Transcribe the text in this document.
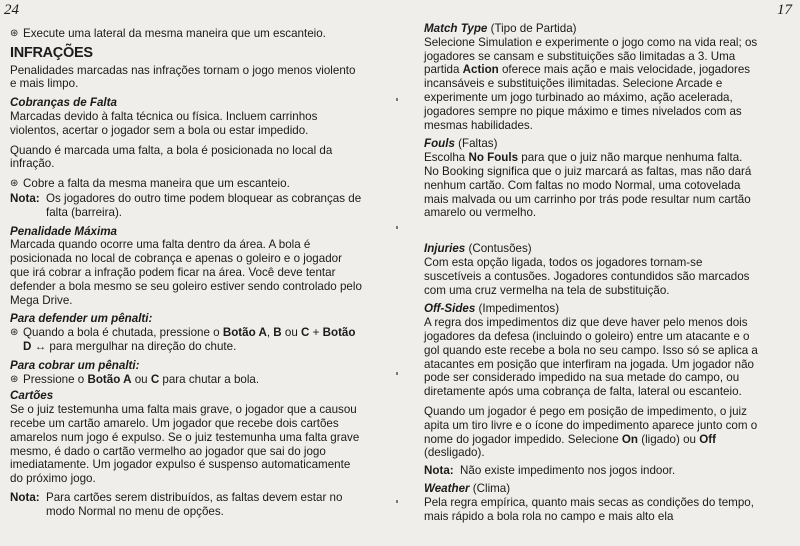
24	17
⊛ Execute uma lateral da mesma maneira que um escanteio.
INFRAÇÕES

Penalidades marcadas nas infrações tornam o jogo menos violento e mais limpo.

Cobranças de Falta

Marcadas devido à falta técnica ou física. Incluem carrinhos violentos, acertar o jogador sem a bola ou estar impedido.

Quando é marcada uma falta, a bola é posicionada no local da infração.

⊛ Cobre a falta da mesma maneira que um escanteio.
Nota: Os jogadores do outro time podem bloquear as cobranças de falta (barreira).
Penalidade Máxima

Marcada quando ocorre uma falta dentro da área. A bola é posicionada no local de cobrança e apenas o goleiro e o jogador que irá cobrar a infração podem ficar na área. Você deve tentar defender a bola mesmo se seu goleiro estiver sendo controlado pelo Mega Drive.

Para defender um pênalti:
⊛ Quando a bola é chutada, pressione o Botão A, B ou C + Botão D ↔ para mergulhar na direção do chute.
Para cobrar um pênalti:
⊛ Pressione o Botão A ou C para chutar a bola.
Cartões

Se o juiz testemunha uma falta mais grave, o jogador que a causou recebe um cartão amarelo. Um jogador que recebe dois cartões amarelos num jogo é expulso. Se o juiz testemunha uma falta grave mesmo, é dado o cartão vermelho ao jogador que sai do jogo imediatamente. Um jogador expulso é suspenso automaticamente do próximo jogo.

Nota: Para cartões serem distribuídos, as faltas devem estar no modo Normal no menu de opções.
Match Type (Tipo de Partida)

Selecione Simulation e experimente o jogo como na vida real; os jogadores se cansam e substituições são limitadas a 3. Uma partida Action oferece mais ação e mais velocidade, jogadores incansáveis e substituições ilimitadas. Selecione Arcade e experimente um jogo turbinado ao máximo, ação acelerada, jogadores sempre no pique máximo e times nivelados com as mesmas habilidades.

Fouls (Faltas)

Escolha No Fouls para que o juiz não marque nenhuma falta. No Booking significa que o juiz marcará as faltas, mas não dará nenhum cartão. Com faltas no modo Normal, uma cotovelada mais malvada ou um carrinho por trás pode resultar num cartão amarelo ou vermelho.

Injuries (Contusões)

Com esta opção ligada, todos os jogadores tornam-se suscetíveis a contusões. Jogadores contundidos são marcados com uma cruz vermelha na tela de substituição.

Off-Sides (Impedimentos)

A regra dos impedimentos diz que deve haver pelo menos dois jogadores da defesa (incluindo o goleiro) entre um atacante e o gol quando este recebe a bola no seu campo. Isso só se aplica a atacantes em posição que interfiram na jogada. Um jogador não pode ser considerado impedido na sua metade do campo, ou diretamente após uma cobrança de falta, lateral ou escanteio.

Quando um jogador é pego em posição de impedimento, o juiz apita um tiro livre e o ícone do impedimento aparece junto com o nome do jogador impedido. Selecione On (ligado) ou Off (desligado).

Nota: Não existe impedimento nos jogos indoor.
Weather (Clima)

Pela regra empírica, quanto mais secas as condições do tempo, mais rápido a bola rola no campo e mais alto ela
